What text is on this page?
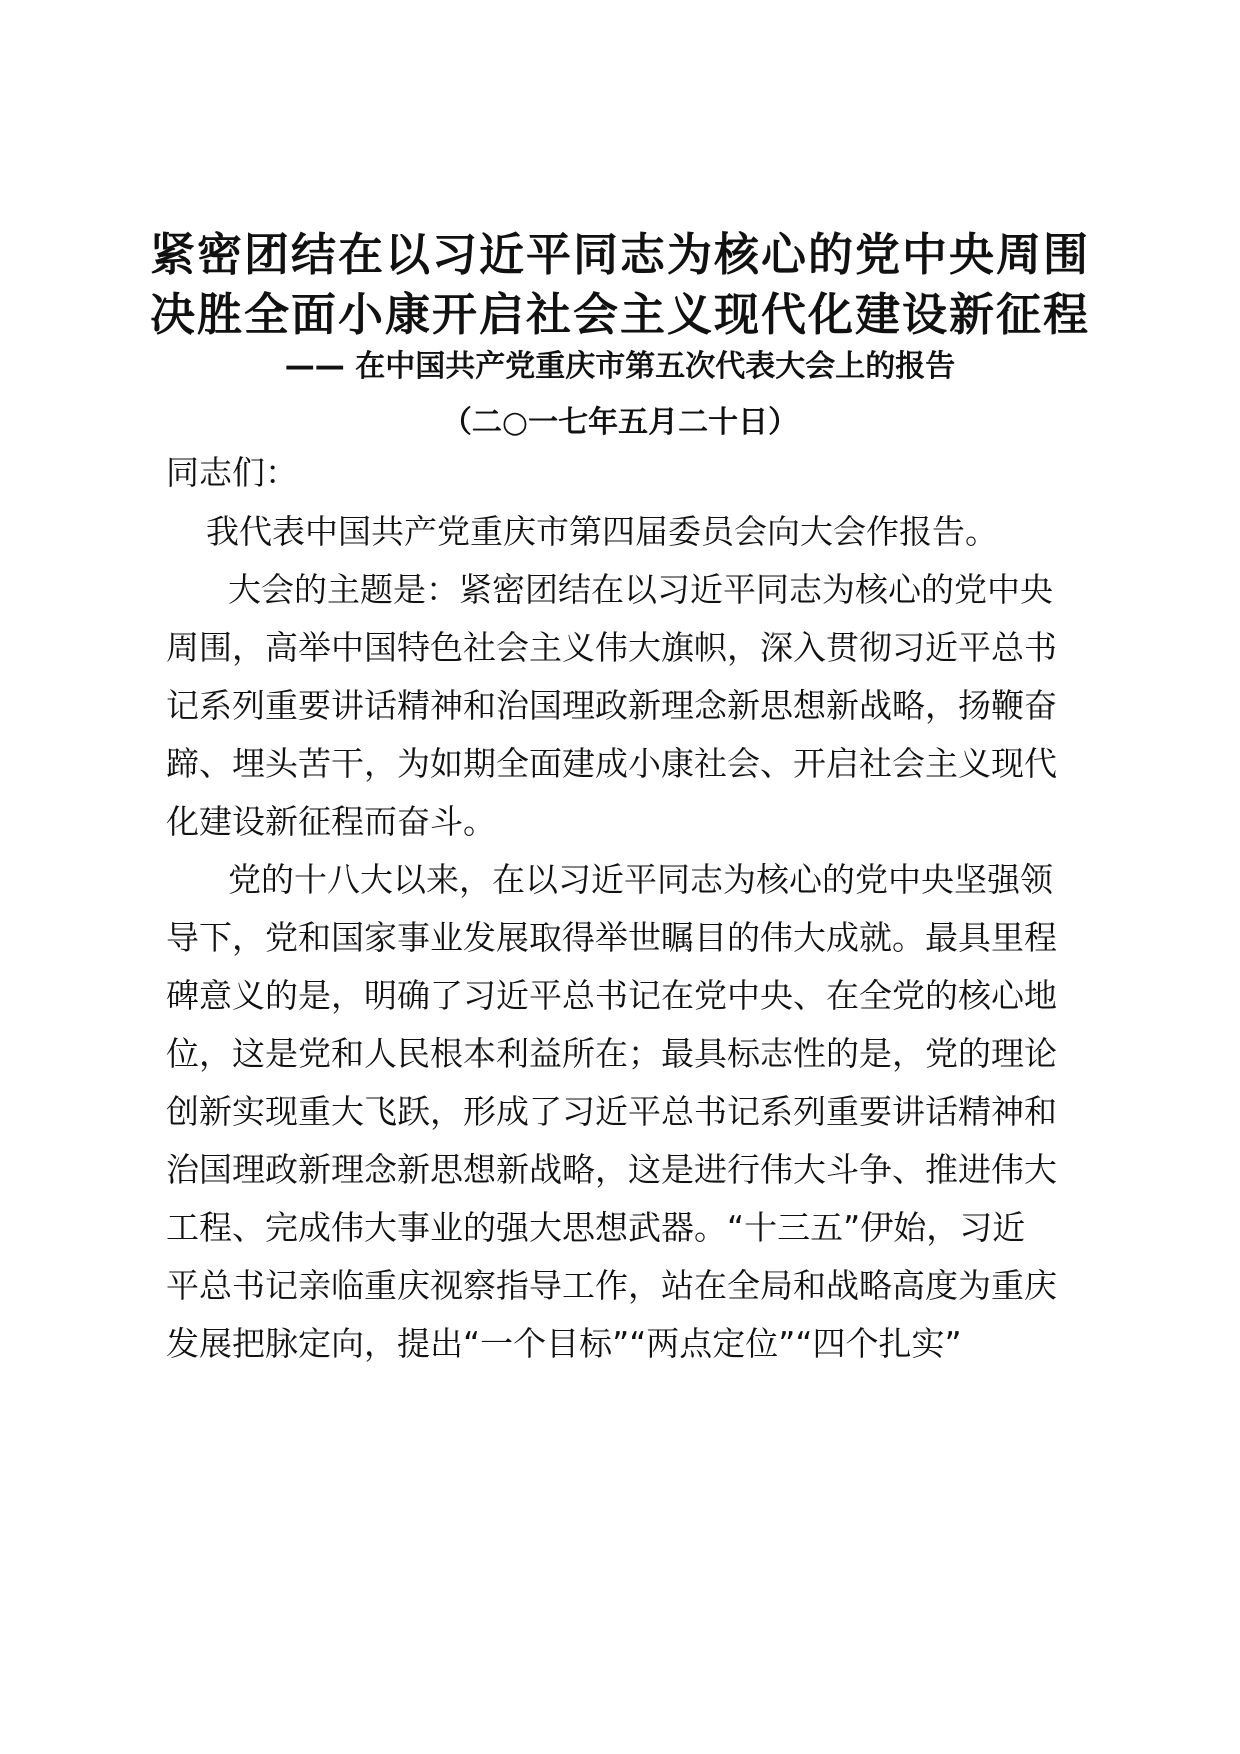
紧密团结在以习近平同志为核心的党中央周围
决胜全面小康开启社会主义现代化建设新征程
—— 在中国共产党重庆市第五次代表大会上的报告
（二○一七年五月二十日）
同志们：
我代表中国共产党重庆市第四届委员会向大会作报告。
大会的主题是：紧密团结在以习近平同志为核心的党中央
周围，高举中国特色社会主义伟大旗帜，深入贯彻习近平总书
记系列重要讲话精神和治国理政新理念新思想新战略，扬鞭奋
蹄、埋头苦干，为如期全面建成小康社会、开启社会主义现代
化建设新征程而奋斗。
党的十八大以来，在以习近平同志为核心的党中央坚强领
导下，党和国家事业发展取得举世瞩目的伟大成就。最具里程
碑意义的是，明确了习近平总书记在党中央、在全党的核心地
位，这是党和人民根本利益所在；最具标志性的是，党的理论
创新实现重大飞跃，形成了习近平总书记系列重要讲话精神和
治国理政新理念新思想新战略，这是进行伟大斗争、推进伟大
工程、完成伟大事业的强大思想武器。“十三五”伊始，习近
平总书记亲临重庆视察指导工作，站在全局和战略高度为重庆
发展把脉定向，提出“一个目标”“两点定位”“四个扎实”
